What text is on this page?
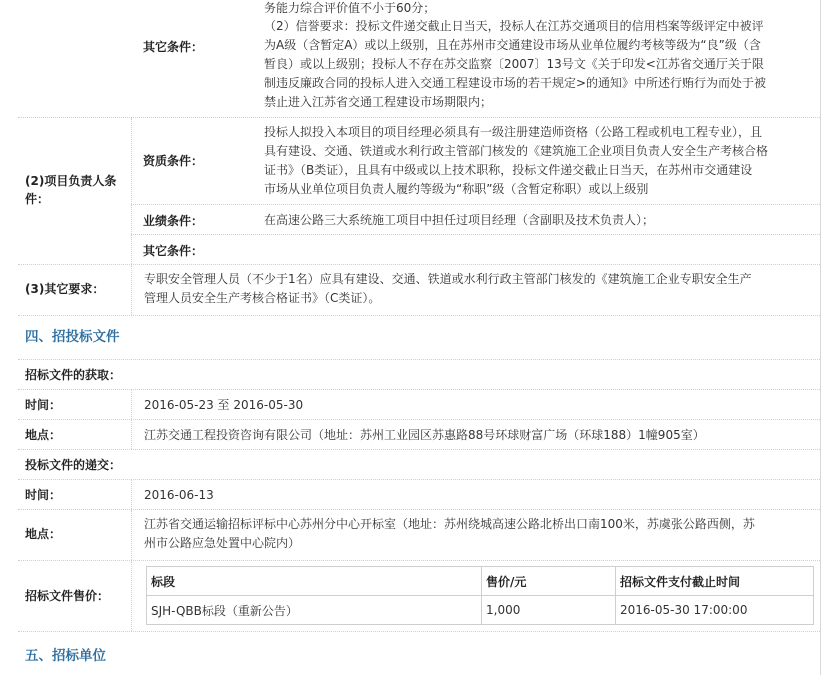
其它条件：
务能力综合评价值不小于60分；
（2）信誉要求：投标文件递交截止日当天，投标人在江苏交通项目的信用档案等级评定中被评
为A级（含暂定A）或以上级别，且在苏州市交通建设市场从业单位履约考核等级为“良”级（含
暂良）或以上级别；投标人不存在苏交监察〔2007〕13号文《关于印发<江苏省交通厅关于限
制违反廉政合同的投标人进入交通工程建设市场的若干规定>的通知》中所述行贿行为而处于被
禁止进入江苏省交通工程建设市场期限内；
(2)项目负责人条
件：
资质条件：
投标人拟投入本项目的项目经理必须具有一级注册建造师资格（公路工程或机电工程专业），且
具有建设、交通、铁道或水利行政主管部门核发的《建筑施工企业项目负责人安全生产考核合格
证书》（B类证），且具有中级或以上技术职称，投标文件递交截止日当天，在苏州市交通建设
市场从业单位项目负责人履约等级为“称职”级（含暂定称职）或以上级别
业绩条件：	在高速公路三大系统施工项目中担任过项目经理（含副职及技术负责人）；
其它条件：
(3)其它要求：
专职安全管理人员（不少于1名）应具有建设、交通、铁道或水利行政主管部门核发的《建筑施工企业专职安全生产
管理人员安全生产考核合格证书》（C类证）。
四、招投标文件
招标文件的获取：
时间：	2016-05-23 至 2016-05-30
地点：	江苏交通工程投资咨询有限公司（地址：苏州工业园区苏惠路88号环球财富广场（环球188）1幢905室）
投标文件的递交：
时间：	2016-06-13
地点：
江苏省交通运输招标评标中心苏州分中心开标室（地址：苏州绕城高速公路北桥出口南100米，苏虞张公路西侧，苏
州市公路应急处置中心院内）
招标文件售价：
标段	售价/元	招标文件支付截止时间
SJH-QBB标段（重新公告）	1,000	2016-05-30 17:00:00
五、招标单位
